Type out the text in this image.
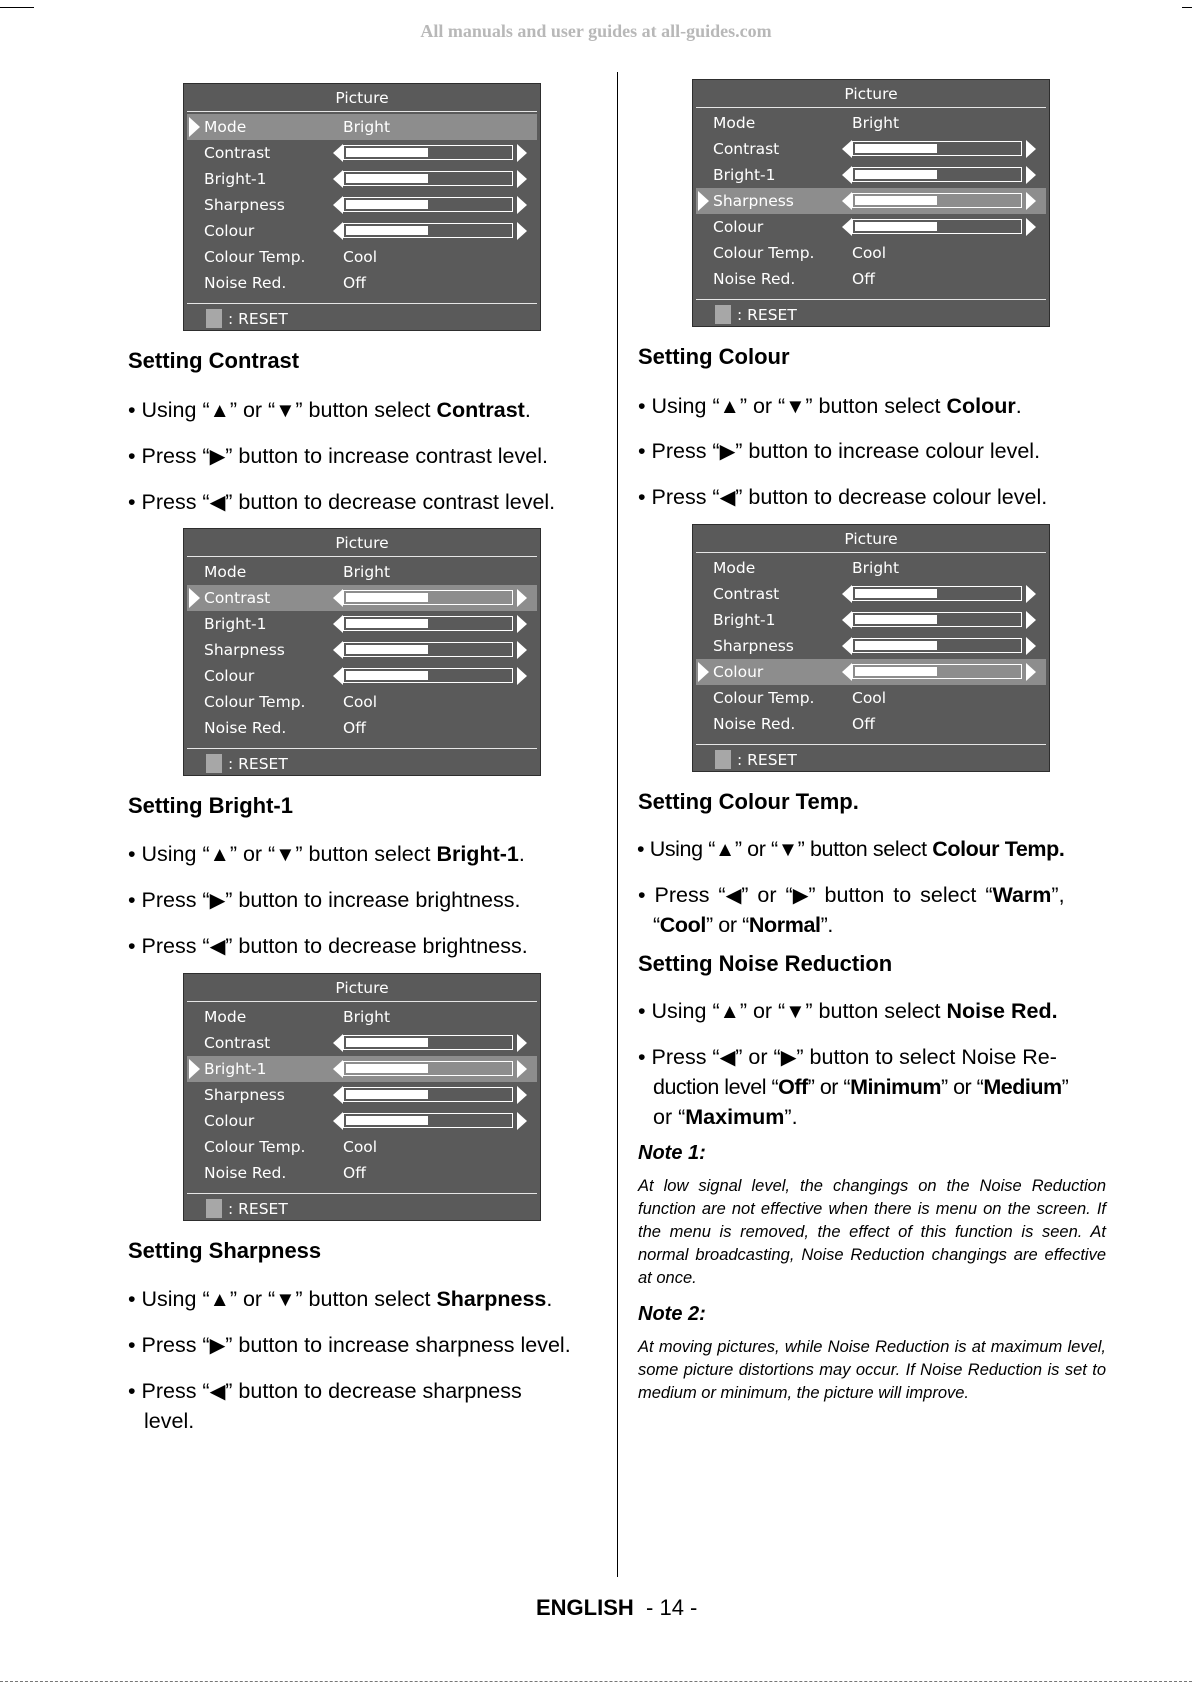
All manuals and user guides at all-guides.com
Picture
Mode	Bright
Contrast
Bright-1
Sharpness
Colour
Colour Temp. Cool
Noise Red.	Off
: RESET
Picture
Mode	Bright
Contrast
Bright-1
Sharpness
Colour
Colour Temp. Cool
Noise Red.	Off
: RESET
Picture
Mode	Bright
Contrast
Bright-1
Sharpness
Colour
Colour Temp. Cool
Noise Red.	Off
: RESET
Picture
Mode	Bright
Contrast
Bright-1
Sharpness
Colour
Colour Temp. Cool
Noise Red.	Off
: RESET
Picture
Mode	Bright
Contrast
Bright-1
Sharpness
Colour
Colour Temp. Cool
Noise Red.	Off
: RESET
Setting Contrast
• Using “▲” or “▼” button select Contrast.
• Press “▶” button to increase contrast level.
• Press “◀” button to decrease contrast level.
Setting Bright-1
• Using “▲” or “▼” button select Bright-1.
• Press “▶” button to increase brightness.
• Press “◀” button to decrease brightness.
Setting Sharpness
• Using “▲” or “▼” button select Sharpness.
• Press “▶” button to increase sharpness level.
• Press “◀” button to decrease sharpness
level.
Setting Colour
• Using “▲” or “▼” button select Colour.
• Press “▶” button to increase colour level.
• Press “◀” button to decrease colour level.
Setting Colour Temp.
• Using “▲” or “▼” button select Colour Temp.
• Press “◀” or “▶” button to select “Warm”,
“Cool” or “Normal”.
Setting Noise Reduction
• Using “▲” or “▼” button select Noise Red.
• Press “◀” or “▶” button to select Noise Re-
duction level “Off” or “Minimum” or “Medium”
or “Maximum”.
Note 1:
At low signal level, the changings on the Noise Reduction function are not effective when there is menu on the screen. If the menu is removed, the effect of this function is seen. At normal broadcasting, Noise Reduction changings are effective at once.
Note 2:
At moving pictures, while Noise Reduction is at maximum level, some picture distortions may occur. If Noise Reduction is set to medium or minimum, the picture will improve.
ENGLISH - 14 -
